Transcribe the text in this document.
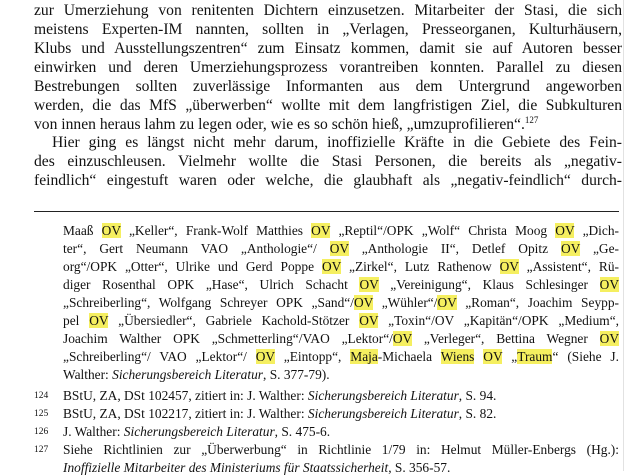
zur Umerziehung von renitenten Dichtern einzusetzen. Mitarbeiter der Stasi, die sich
meistens Experten-IM nannten, sollten in „Verlagen, Presseorganen, Kulturhäusern,
Klubs und Ausstellungszentren“ zum Einsatz kommen, damit sie auf Autoren besser
einwirken und deren Umerziehungsprozess vorantreiben konnten. Parallel zu diesen
Bestrebungen sollten zuverlässige Informanten aus dem Untergrund angeworben
werden, die das MfS „überwerben“ wollte mit dem langfristigen Ziel, die Subkulturen
von innen heraus lahm zu legen oder, wie es so schön hieß, „umzuprofilieren“.$^{127}$
Hier ging es längst nicht mehr darum, inoffizielle Kräfte in die Gebiete des Fein-
des einzuschleusen. Vielmehr wollte die Stasi Personen, die bereits als „negativ-
feindlich“ eingestuft waren oder welche, die glaubhaft als „negativ-feindlich“ durch-
Maaß OV „Keller“, Frank-Wolf Matthies OV „Reptil“/OPK „Wolf“ Christa Moog OV „Dich-
ter“, Gert Neumann VAO „Anthologie“/ OV „Anthologie II“, Detlef Opitz OV „Ge-
org“/OPK „Otter“, Ulrike und Gerd Poppe OV „Zirkel“, Lutz Rathenow OV „Assistent“, Rü-
diger Rosenthal OPK „Hase“, Ulrich Schacht OV „Vereinigung“, Klaus Schlesinger OV
„Schreiberling“, Wolfgang Schreyer OPK „Sand“/OV „Wühler“/OV „Roman“, Joachim Seypp-
pel OV „Übersiedler“, Gabriele Kachold-Stötzer OV „Toxin“/OV „Kapitän“/OPK „Medium“,
Joachim Walther OPK „Schmetterling“/VAO „Lektor“/OV „Verleger“, Bettina Wegner OV
„Schreiberling“/ VAO „Lektor“/ OV „Eintopp“, Maja-Michaela Wiens OV „Traum“ (Siehe J.
Walther: Sicherungsbereich Literatur, S. 377-79).
124 BStU, ZA, DSt 102457, zitiert in: J. Walther: Sicherungsbereich Literatur, S. 94.
125 BStU, ZA, DSt 102217, zitiert in: J. Walther: Sicherungsbereich Literatur, S. 82.
126 J. Walther: Sicherungsbereich Literatur, S. 475-6.
127 Siehe Richtlinien zur „Überwerbung“ in Richtlinie 1/79 in: Helmut Müller-Enbergs (Hg.):
Inoffizielle Mitarbeiter des Ministeriums für Staatssicherheit, S. 356-57.
